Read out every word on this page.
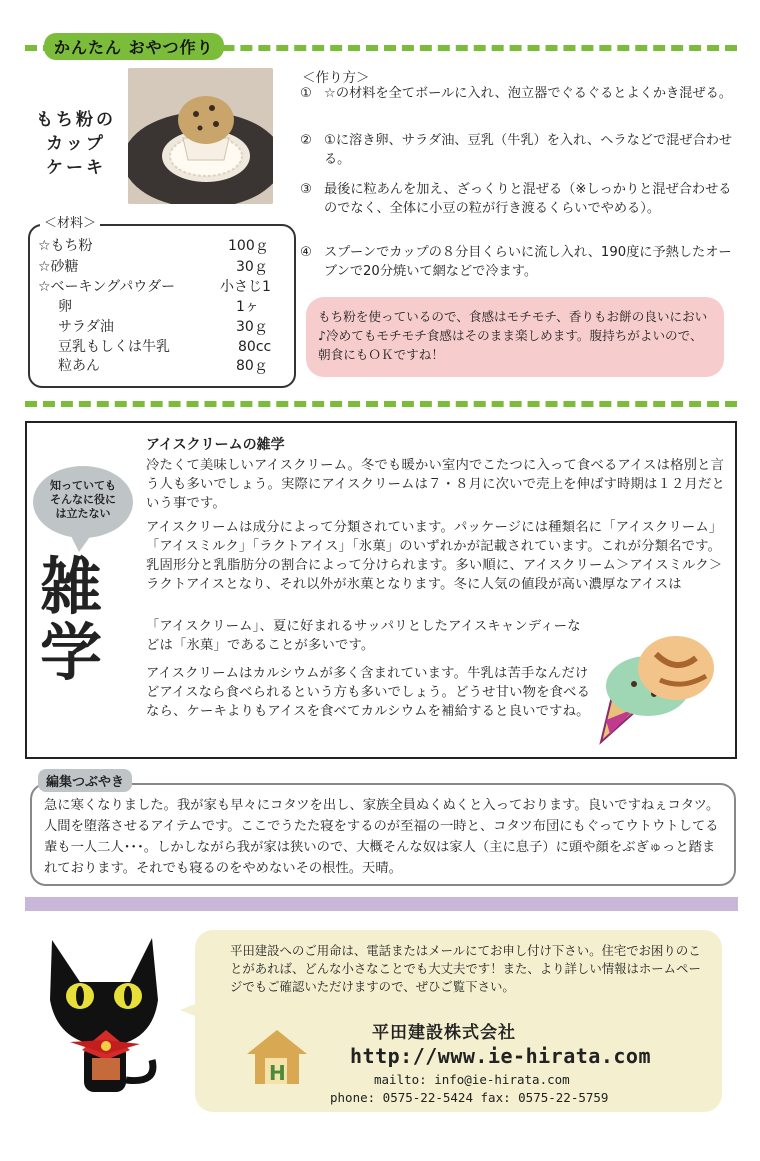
かんたん おやつ作り
もち粉の
カップ
ケーキ
＜材料＞
☆もち粉	100ｇ
☆砂糖	30ｇ
☆ベーキングパウダー	小さじ1
卵	1ヶ
サラダ油	30ｇ
豆乳もしくは牛乳	80cc
粒あん	80ｇ
＜作り方＞
① ☆の材料を全てボールに入れ、泡立器でぐるぐるとよくかき混ぜる。
② ①に溶き卵、サラダ油、豆乳（牛乳）を入れ、ヘラなどで混ぜ合わせる。
③ 最後に粒あんを加え、ざっくりと混ぜる（※しっかりと混ぜ合わせるのでなく、全体に小豆の粒が行き渡るくらいでやめる）。
④ スプーンでカップの８分目くらいに流し入れ、190度に予熱したオーブンで20分焼いて網などで冷ます。
もち粉を使っているので、食感はモチモチ、香りもお餅の良いにおい♪冷めてもモチモチ食感はそのまま楽しめます。腹持ちがよいので、朝食にもＯＫですね！
知っていても
そんなに役に
は立たない
雑
学
アイスクリームの雑学
冷たくて美味しいアイスクリーム。冬でも暖かい室内でこたつに入って食べるアイスは格別と言う人も多いでしょう。実際にアイスクリームは７・８月に次いで売上を伸ばす時期は１２月だという事です。
アイスクリームは成分によって分類されています。パッケージには種類名に「アイスクリーム」「アイスミルク」「ラクトアイス」「氷菓」のいずれかが記載されています。これが分類名です。乳固形分と乳脂肪分の割合によって分けられます。多い順に、アイスクリーム＞アイスミルク＞ラクトアイスとなり、それ以外が氷菓となります。冬に人気の値段が高い濃厚なアイスは
「アイスクリーム」、夏に好まれるサッパリとしたアイスキャンディーなどは「氷菓」であることが多いです。
アイスクリームはカルシウムが多く含まれています。牛乳は苦手なんだけどアイスなら食べられるという方も多いでしょう。どうせ甘い物を食べるなら、ケーキよりもアイスを食べてカルシウムを補給すると良いですね。
編集つぶやき
急に寒くなりました。我が家も早々にコタツを出し、家族全員ぬくぬくと入っております。良いですねぇコタツ。人間を堕落させるアイテムです。ここでうたた寝をするのが至福の一時と、コタツ布団にもぐってウトウトしてる輩も一人二人･･･。しかしながら我が家は狭いので、大概そんな奴は家人（主に息子）に頭や顔をぶぎゅっと踏まれております。それでも寝るのをやめないその根性。天晴。
平田建設へのご用命は、電話またはメールにてお申し付け下さい。住宅でお困りのことがあれば、どんな小さなことでも大丈夫です！また、より詳しい情報はホームページでもご確認いただけますので、ぜひご覧下さい。
H
平田建設株式会社
http://www.ie-hirata.com
mailto: info@ie-hirata.com
phone: 0575-22-5424 fax: 0575-22-5759
